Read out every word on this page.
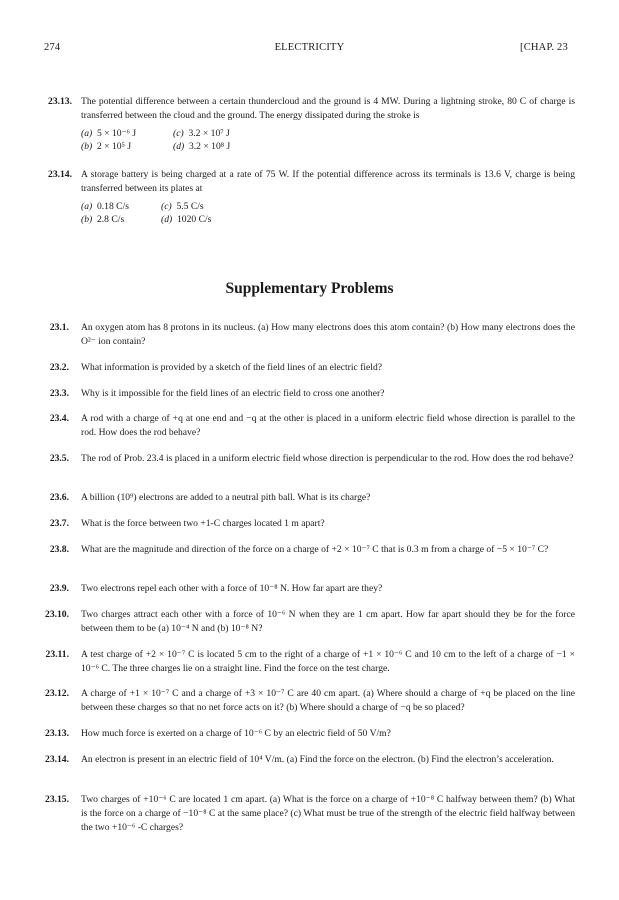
274	ELECTRICITY	[CHAP. 23
23.13. The potential difference between a certain thundercloud and the ground is 4 MW. During a lightning stroke, 80 C of charge is transferred between the cloud and the ground. The energy dissipated during the stroke is
(a) 5 × 10⁻⁶ J	(c) 3.2 × 10⁷ J
(b) 2 × 10⁵ J	(d) 3.2 × 10⁸ J
23.14. A storage battery is being charged at a rate of 75 W. If the potential difference across its terminals is 13.6 V, charge is being transferred between its plates at
(a) 0.18 C/s	(c) 5.5 C/s
(b) 2.8 C/s	(d) 1020 C/s
Supplementary Problems
23.1. An oxygen atom has 8 protons in its nucleus. (a) How many electrons does this atom contain? (b) How many electrons does the O²⁻ ion contain?
23.2. What information is provided by a sketch of the field lines of an electric field?
23.3. Why is it impossible for the field lines of an electric field to cross one another?
23.4. A rod with a charge of +q at one end and −q at the other is placed in a uniform electric field whose direction is parallel to the rod. How does the rod behave?
23.5. The rod of Prob. 23.4 is placed in a uniform electric field whose direction is perpendicular to the rod. How does the rod behave?
23.6. A billion (10⁹) electrons are added to a neutral pith ball. What is its charge?
23.7. What is the force between two +1-C charges located 1 m apart?
23.8. What are the magnitude and direction of the force on a charge of +2 × 10⁻⁷ C that is 0.3 m from a charge of −5 × 10⁻⁷ C?
23.9. Two electrons repel each other with a force of 10⁻⁸ N. How far apart are they?
23.10. Two charges attract each other with a force of 10⁻⁶ N when they are 1 cm apart. How far apart should they be for the force between them to be (a) 10⁻⁴ N and (b) 10⁻⁸ N?
23.11. A test charge of +2 × 10⁻⁷ C is located 5 cm to the right of a charge of +1 × 10⁻⁶ C and 10 cm to the left of a charge of −1 × 10⁻⁶ C. The three charges lie on a straight line. Find the force on the test charge.
23.12. A charge of +1 × 10⁻⁷ C and a charge of +3 × 10⁻⁷ C are 40 cm apart. (a) Where should a charge of +q be placed on the line between these charges so that no net force acts on it? (b) Where should a charge of −q be so placed?
23.13. How much force is exerted on a charge of 10⁻⁶ C by an electric field of 50 V/m?
23.14. An electron is present in an electric field of 10⁴ V/m. (a) Find the force on the electron. (b) Find the electron’s acceleration.
23.15. Two charges of +10⁻⁶ C are located 1 cm apart. (a) What is the force on a charge of +10⁻⁸ C halfway between them? (b) What is the force on a charge of −10⁻⁸ C at the same place? (c) What must be true of the strength of the electric field halfway between the two +10⁻⁶ -C charges?
